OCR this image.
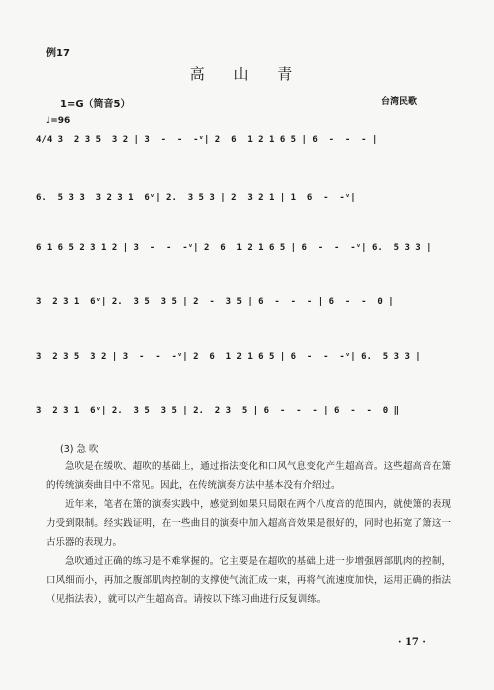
例17
高 山 青
1=G（筒音5）	台湾民歌
♩=96
4/4 3  2 3 5  3 2 | 3  -  -  -ᵛ| 2  6  1 2 1 6 5 | 6  -  -  - |
6.  5 3 3  3 2 3 1  6ᵛ| 2.  3 5 3 | 2  3 2 1 | 1  6  -  -ᵛ|
6 1 6 5 2 3 1 2 | 3  -  -  -ᵛ| 2  6  1 2 1 6 5 | 6  -  -  -ᵛ| 6.  5 3 3 |
3  2 3 1  6ᵛ| 2.  3 5  3 5 | 2  -  3 5 | 6  -  -  - | 6  -  -  0 |
3  2 3 5  3 2 | 3  -  -  -ᵛ| 2  6  1 2 1 6 5 | 6  -  -  -ᵛ| 6.  5 3 3 |
3  2 3 1  6ᵛ| 2.  3 5  3 5 | 2.  2 3  5 | 6  -  -  - | 6  -  -  0 ‖
(3) 急 吹
急吹是在缓吹、超吹的基础上，通过指法变化和口风气息变化产生超高音。这些超高音在箫的传统演奏曲目中不常见。因此，在传统演奏方法中基本没有介绍过。
近年来，笔者在箫的演奏实践中，感觉到如果只局限在两个八度音的范围内，就使箫的表现力受到限制。经实践证明，在一些曲目的演奏中加入超高音效果是很好的，同时也拓宽了箫这一古乐器的表现力。
急吹通过正确的练习是不难掌握的。它主要是在超吹的基础上进一步增强唇部肌肉的控制，口风细而小，再加之腹部肌肉控制的支撑使气流汇成一束，再将气流速度加快，运用正确的指法（见指法表），就可以产生超高音。请按以下练习曲进行反复训练。
· 17 ·
